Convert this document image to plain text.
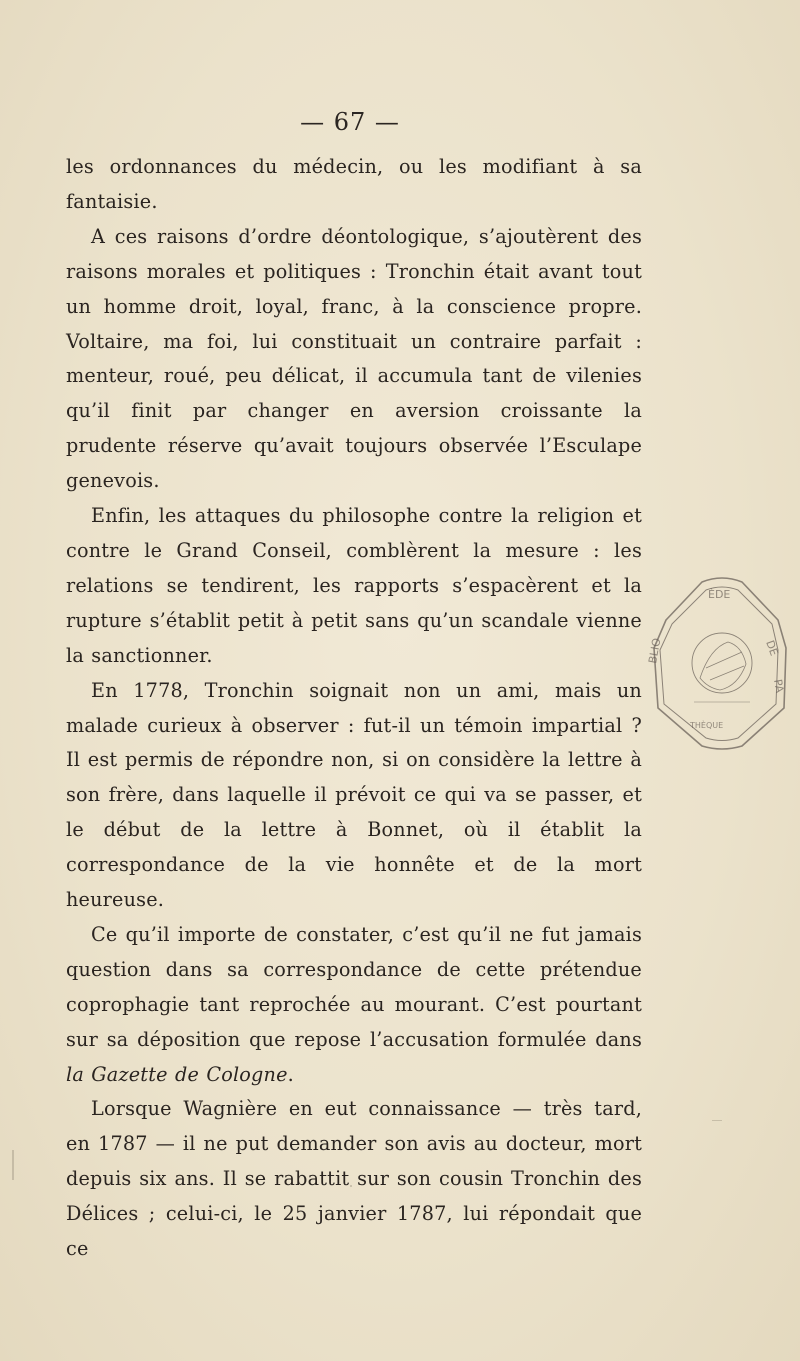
— 67 —

les ordonnances du médecin, ou les modifiant à sa fantaisie.

A ces raisons d’ordre déontologique, s’ajoutèrent des raisons morales et politiques : Tronchin était avant tout un homme droit, loyal, franc, à la conscience propre. Voltaire, ma foi, lui constituait un contraire parfait : menteur, roué, peu délicat, il accumula tant de vilenies qu’il finit par changer en aversion croissante la prudente réserve qu’avait toujours observée l’Esculape genevois.

Enfin, les attaques du philosophe contre la religion et contre le Grand Conseil, comblèrent la mesure : les relations se tendirent, les rapports s’espacèrent et la rupture s’établit petit à petit sans qu’un scandale vienne la sanctionner.

En 1778, Tronchin soignait non un ami, mais un malade curieux à observer : fut-il un témoin impartial ? Il est permis de répondre non, si on considère la lettre à son frère, dans laquelle il prévoit ce qui va se passer, et le début de la lettre à Bonnet, où il établit la correspondance de la vie honnête et de la mort heureuse.

Ce qu’il importe de constater, c’est qu’il ne fut jamais question dans sa correspondance de cette prétendue coprophagie tant reprochée au mourant. C’est pourtant sur sa déposition que repose l’accusation formulée dans la Gazette de Cologne.

Lorsque Wagnière en eut connaissance — très tard, en 1787 — il ne put demander son avis au docteur, mort depuis six ans. Il se rabattit sur son cousin Tronchin des Délices ; celui-ci, le 25 janvier 1787, lui répondait que ce

ÈDE
DE
PA
BLIO
THÈQUE
